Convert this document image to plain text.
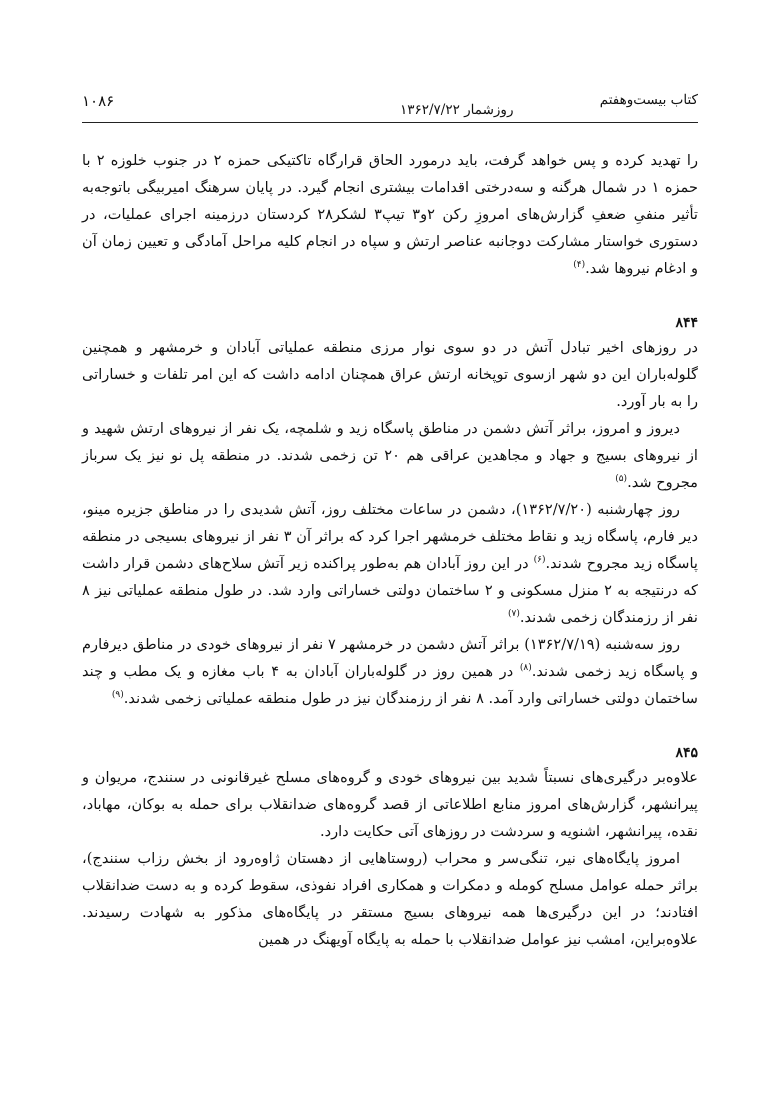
کتاب بیست‌وهفتم
روزشمار ۱۳۶۲/۷/۲۲
۱۰۸۶

را تهدید کرده و پس خواهد گرفت، باید درمورد الحاق قرارگاه تاکتیکی حمزه ۲ در جنوب خلوزه ۲ با حمزه ۱ در شمال هرگنه و سه‌درختی اقدامات بیشتری انجام گیرد. در پایان سرهنگ امیربیگی باتوجه‌به تأثیر منفیِ ضعفِ گزارش‌های امروزِ رکن ۲و۳ تیپ۳ لشکر۲۸ کردستان درزمینه اجرای عملیات، در دستوری خواستار مشارکت دوجانبه عناصر ارتش و سپاه در انجام کلیه مراحل آمادگی و تعیین زمان آن و ادغام نیروها شد.$^{(۴)}$

۸۴۴

در روزهای اخیر تبادل آتش در دو سوی نوار مرزی منطقه عملیاتی آبادان و خرمشهر و همچنین گلوله‌باران این دو شهر ازسوی توپخانه ارتش عراق همچنان ادامه داشت که این امر تلفات و خساراتی را به بار آورد.

دیروز و امروز، براثر آتش دشمن در مناطق پاسگاه زید و شلمچه، یک نفر از نیروهای ارتش شهید و از نیروهای بسیج و جهاد و مجاهدین عراقی هم ۲۰ تن زخمی شدند. در منطقه پل نو نیز یک سرباز مجروح شد.$^{(۵)}$

روز چهارشنبه (۱۳۶۲/۷/۲۰)، دشمن در ساعات مختلف روز، آتش شدیدی را در مناطق جزیره مینو، دیر فارم، پاسگاه زید و نقاط مختلف خرمشهر اجرا کرد که براثر آن ۳ نفر از نیروهای بسیجی در منطقه پاسگاه زید مجروح شدند.$^{(۶)}$ در این روز آبادان هم به‌طور پراکنده زیر آتش سلاح‌های دشمن قرار داشت که درنتیجه به ۲ منزل مسکونی و ۲ ساختمان دولتی خساراتی وارد شد. در طول منطقه عملیاتی نیز ۸ نفر از رزمندگان زخمی شدند.$^{(۷)}$

روز سه‌شنبه (۱۳۶۲/۷/۱۹) براثر آتش دشمن در خرمشهر ۷ نفر از نیروهای خودی در مناطق دیرفارم و پاسگاه زید زخمی شدند.$^{(۸)}$ در همین روز در گلوله‌باران آبادان به ۴ باب مغازه و یک مطب و چند ساختمان دولتی خساراتی وارد آمد. ۸ نفر از رزمندگان نیز در طول منطقه عملیاتی زخمی شدند.$^{(۹)}$

۸۴۵

علاوه‌بر درگیری‌های نسبتاً شدید بین نیروهای خودی و گروه‌های مسلح غیرقانونی در سنندج، مریوان و پیرانشهر، گزارش‌های امروز منابع اطلاعاتی از قصد گروه‌های ضدانقلاب برای حمله به بوکان، مهاباد، نقده، پیرانشهر، اشنویه و سردشت در روزهای آتی حکایت دارد.

امروز پایگاه‌های نیر، تنگی‌سر و محراب (روستاهایی از دهستان ژاوه‌رود از بخش رزاب سنندج)، براثر حمله عوامل مسلح کومله و دمکرات و همکاری افراد نفوذی، سقوط کرده و به دست ضدانقلاب افتادند؛ در این درگیری‌ها همه نیروهای بسیج مستقر در پایگاه‌های مذکور به شهادت رسیدند. علاوه‌براین، امشب نیز عوامل ضدانقلاب با حمله به پایگاه آویهنگ در همین
